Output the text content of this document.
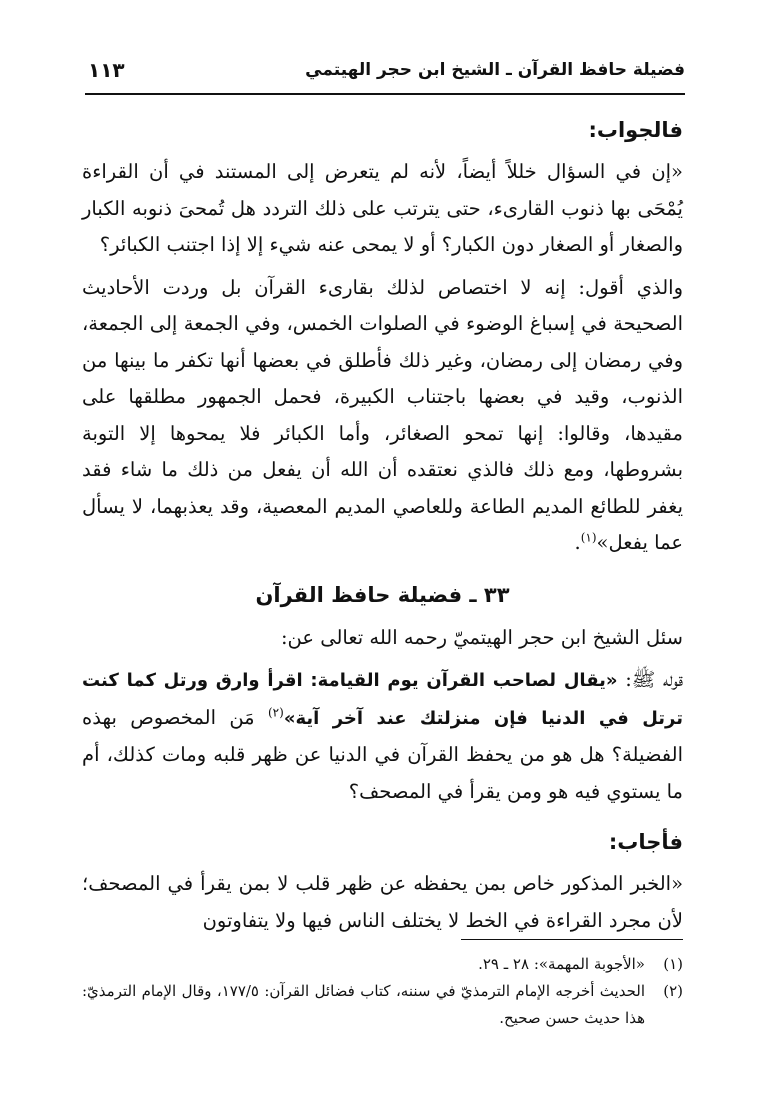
فضيلة حافظ القرآن ـ الشيخ ابن حجر الهيتمي
١١٣

فالجواب:

«إن في السؤال خللاً أيضاً، لأنه لم يتعرض إلى المستند في أن القراءة يُمْحَى بها ذنوب القارىء، حتى يترتب على ذلك التردد هل تُمحىَ ذنوبه الكبار والصغار أو الصغار دون الكبار؟ أو لا يمحى عنه شيء إلا إذا اجتنب الكبائر؟

والذي أقول: إنه لا اختصاص لذلك بقارىء القرآن بل وردت الأحاديث الصحيحة في إسباغ الوضوء في الصلوات الخمس، وفي الجمعة إلى الجمعة، وفي رمضان إلى رمضان، وغير ذلك فأطلق في بعضها أنها تكفر ما بينها من الذنوب، وقيد في بعضها باجتناب الكبيرة، فحمل الجمهور مطلقها على مقيدها، وقالوا: إنها تمحو الصغائر، وأما الكبائر فلا يمحوها إلا التوبة بشروطها، ومع ذلك فالذي نعتقده أن الله أن يفعل من ذلك ما شاء فقد يغفر للطائع المديم الطاعة وللعاصي المديم المعصية، وقد يعذبهما، لا يسأل عما يفعل»$^{(١)}$.

٣٣ ـ فضيلة حافظ القرآن

سئل الشيخ ابن حجر الهيتميّ رحمه الله تعالى عن:

قوله ﷺ: «يقال لصاحب القرآن يوم القيامة: اقرأ وارق ورتل كما كنت ترتل في الدنيا فإن منزلتك عند آخر آية»$^{(٢)}$ مَن المخصوص بهذه الفضيلة؟ هل هو من يحفظ القرآن في الدنيا عن ظهر قلبه ومات كذلك، أم ما يستوي فيه هو ومن يقرأ في المصحف؟

فأجاب:

«الخبر المذكور خاص بمن يحفظه عن ظهر قلب لا بمن يقرأ في المصحف؛ لأن مجرد القراءة في الخط لا يختلف الناس فيها ولا يتفاوتون

(١)«الأجوبة المهمة»: ٢٨ ـ ٢٩.

(٢)الحديث أخرجه الإمام الترمذيّ في سننه، كتاب فضائل القرآن: ١٧٧/٥، وقال الإمام الترمذيّ: هذا حديث حسن صحيح.
